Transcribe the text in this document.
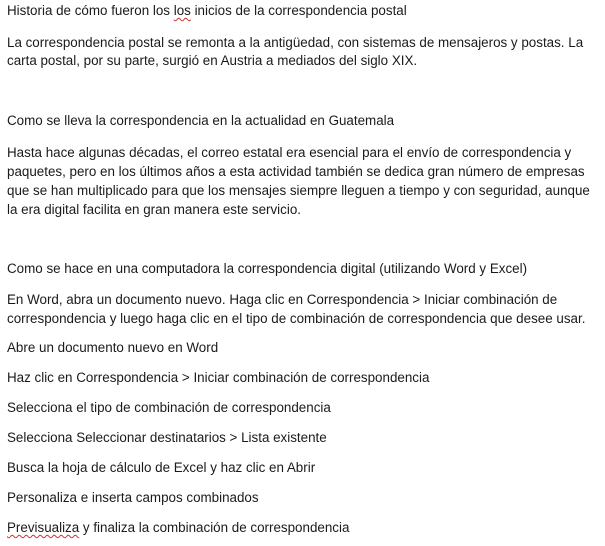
Historia de cómo fueron los los inicios de la correspondencia postal

La correspondencia postal se remonta a la antigüedad, con sistemas de mensajeros y postas. La

carta postal, por su parte, surgió en Austria a mediados del siglo XIX.

Como se lleva la correspondencia en la actualidad en Guatemala

Hasta hace algunas décadas, el correo estatal era esencial para el envío de correspondencia y

paquetes, pero en los últimos años a esta actividad también se dedica gran número de empresas

que se han multiplicado para que los mensajes siempre lleguen a tiempo y con seguridad, aunque

la era digital facilita en gran manera este servicio.

Como se hace en una computadora la correspondencia digital (utilizando Word y Excel)

En Word, abra un documento nuevo. Haga clic en Correspondencia > Iniciar combinación de

correspondencia y luego haga clic en el tipo de combinación de correspondencia que desee usar.

Abre un documento nuevo en Word

Haz clic en Correspondencia > Iniciar combinación de correspondencia

Selecciona el tipo de combinación de correspondencia

Selecciona Seleccionar destinatarios > Lista existente

Busca la hoja de cálculo de Excel y haz clic en Abrir

Personaliza e inserta campos combinados

Previsualiza y finaliza la combinación de correspondencia
